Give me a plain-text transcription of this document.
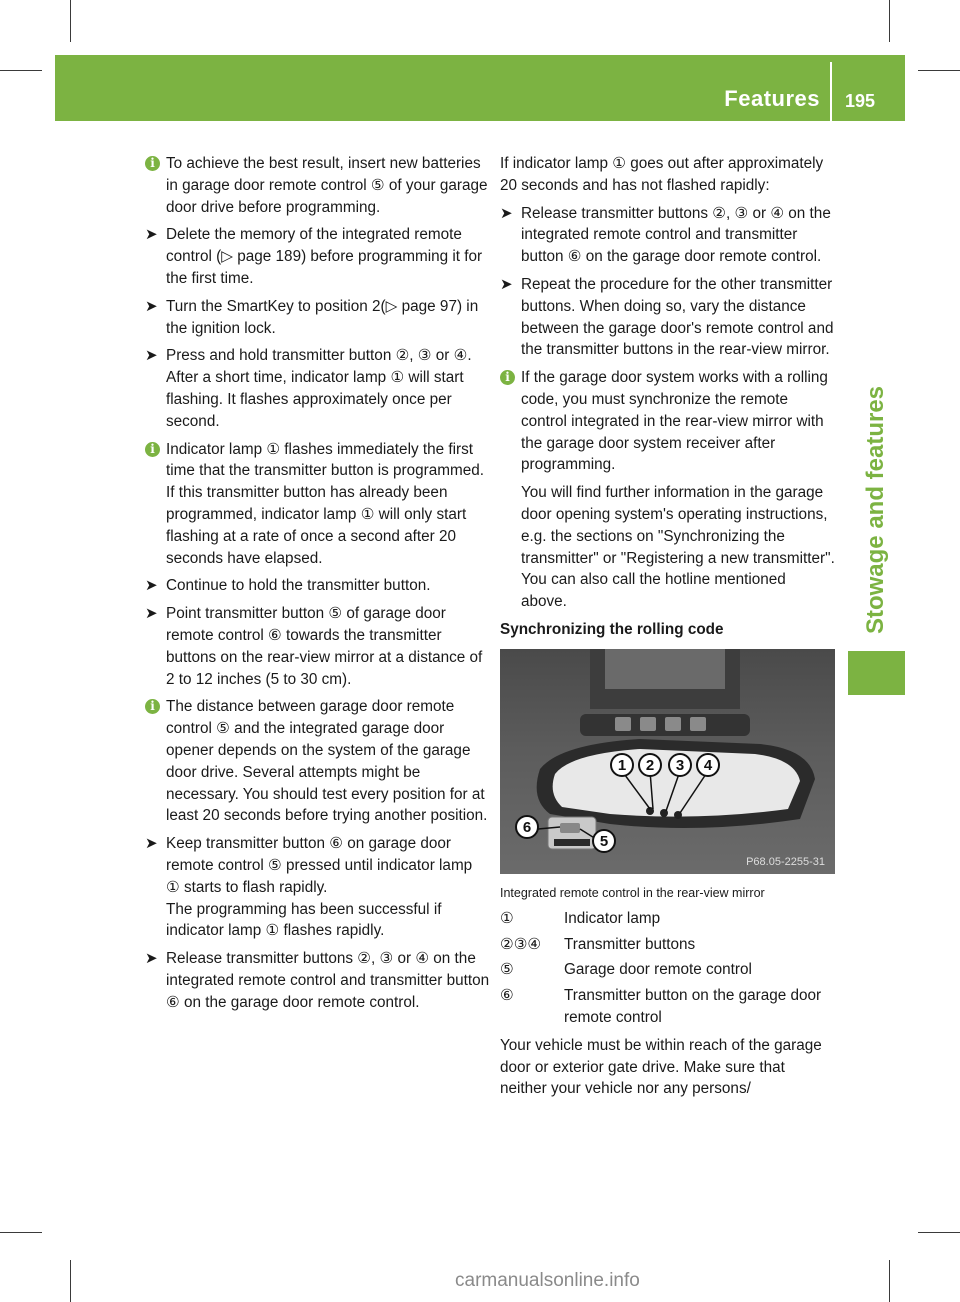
Features 195
Stowage and features
i To achieve the best result, insert new batteries in garage door remote control ⑤ of your garage door drive before programming.
➤ Delete the memory of the integrated remote control (▷ page 189) before programming it for the first time.
➤ Turn the SmartKey to position 2(▷ page 97) in the ignition lock.
➤ Press and hold transmitter button ②, ③ or ④.
After a short time, indicator lamp ① will start flashing. It flashes approximately once per second.
i Indicator lamp ① flashes immediately the first time that the transmitter button is programmed. If this transmitter button has already been programmed, indicator lamp ① will only start flashing at a rate of once a second after 20 seconds have elapsed.
➤ Continue to hold the transmitter button.
➤ Point transmitter button ⑤ of garage door remote control ⑥ towards the transmitter buttons on the rear-view mirror at a distance of 2 to 12 inches (5 to 30 cm).
i The distance between garage door remote control ⑤ and the integrated garage door opener depends on the system of the garage door drive. Several attempts might be necessary. You should test every position for at least 20 seconds before trying another position.
➤ Keep transmitter button ⑥ on garage door remote control ⑤ pressed until indicator lamp ① starts to flash rapidly.
The programming has been successful if indicator lamp ① flashes rapidly.
➤ Release transmitter buttons ②, ③ or ④ on the integrated remote control and transmitter button ⑥ on the garage door remote control.

If indicator lamp ① goes out after approximately 20 seconds and has not flashed rapidly:

➤ Release transmitter buttons ②, ③ or ④ on the integrated remote control and transmitter button ⑥ on the garage door remote control.
➤ Repeat the procedure for the other transmitter buttons. When doing so, vary the distance between the garage door's remote control and the transmitter buttons in the rear-view mirror.
i If the garage door system works with a rolling code, you must synchronize the remote control integrated in the rear-view mirror with the garage door system receiver after programming.
You will find further information in the garage door opening system's operating instructions, e.g. the sections on "Synchronizing the transmitter" or "Registering a new transmitter". You can also call the hotline mentioned above.
Synchronizing the rolling code
1 2 3 4
6
5
P68.05-2255-31
Integrated remote control in the rear-view mirror
①	Indicator lamp
②③④	Transmitter buttons
⑤	Garage door remote control
⑥	Transmitter button on the garage door remote control

Your vehicle must be within reach of the garage door or exterior gate drive. Make sure that neither your vehicle nor any persons/

carmanualsonline.info
